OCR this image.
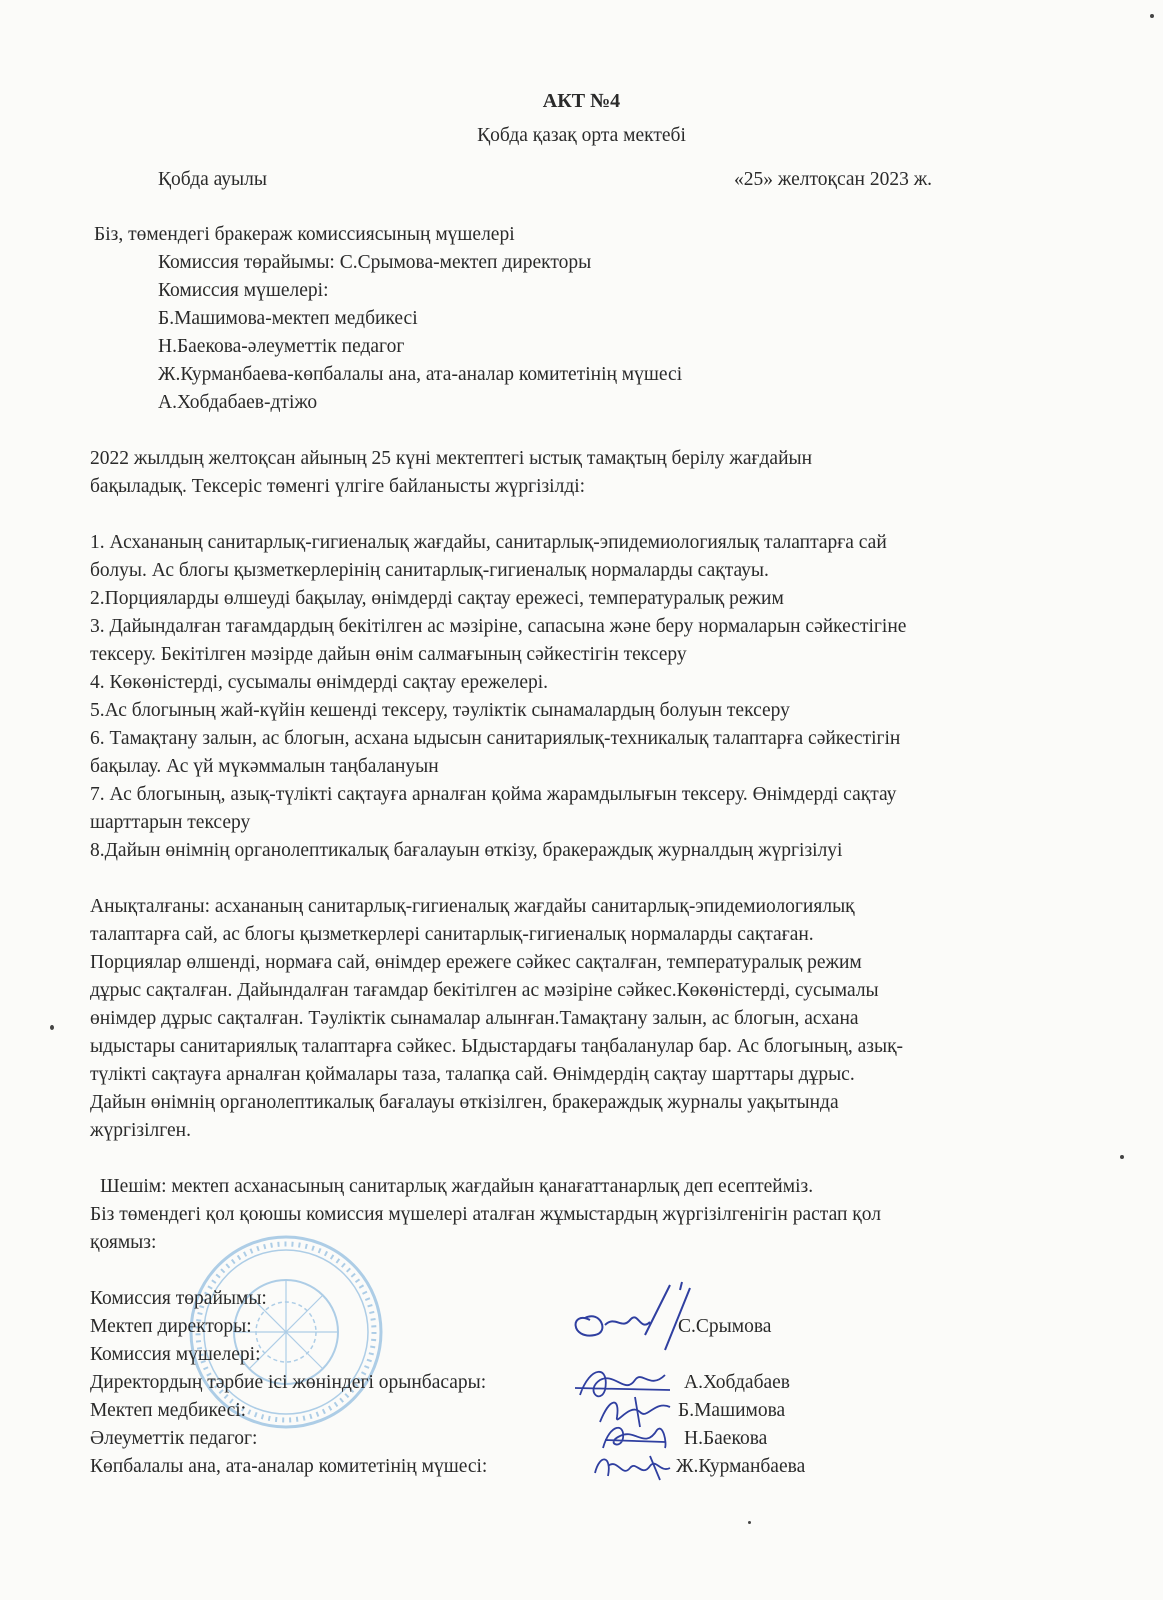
АКТ №4
Қобда қазақ орта мектебі
Қобда ауылы	«25» желтоқсан 2023 ж.
Біз, төмендегі бракераж комиссиясының мүшелері
Комиссия төрайымы: С.Срымова-мектеп директоры
Комиссия мүшелері:
Б.Машимова-мектеп медбикесі
Н.Баекова-әлеуметтік педагог
Ж.Курманбаева-көпбалалы ана, ата-аналар комитетінің мүшесі
А.Хобдабаев-дтіжо
2022 жылдың желтоқсан айының 25 күні мектептегі ыстық тамақтың берілу жағдайын
бақыладық. Тексеріс төменгі үлгіге байланысты жүргізілді:
1. Асхананың санитарлық-гигиеналық жағдайы, санитарлық-эпидемиологиялық талаптарға сай
болуы. Ас блогы қызметкерлерінің санитарлық-гигиеналық нормаларды сақтауы.
2.Порцияларды өлшеуді бақылау, өнімдерді сақтау ережесі, температуралық режим
3. Дайындалған тағамдардың бекітілген ас мәзіріне, сапасына және беру нормаларын сәйкестігіне
тексеру. Бекітілген мәзірде дайын өнім салмағының сәйкестігін тексеру
4. Көкөністерді, сусымалы өнімдерді сақтау ережелері.
5.Ас блогының жай-күйін кешенді тексеру, тәуліктік сынамалардың болуын тексеру
6. Тамақтану залын, ас блогын, асхана ыдысын санитариялық-техникалық талаптарға сәйкестігін
бақылау. Ас үй мүкәммалын таңбалануын
7. Ас блогының, азық-түлікті сақтауға арналған қойма жарамдылығын тексеру. Өнімдерді сақтау
шарттарын тексеру
8.Дайын өнімнің органолептикалық бағалауын өткізу, бракераждық журналдың жүргізілуі
Анықталғаны: асхананың санитарлық-гигиеналық жағдайы санитарлық-эпидемиологиялық
талаптарға сай, ас блогы қызметкерлері санитарлық-гигиеналық нормаларды сақтаған.
Порциялар өлшенді, нормаға сай, өнімдер ережеге сәйкес сақталған, температуралық режим
дұрыс сақталған. Дайындалған тағамдар бекітілген ас мәзіріне сәйкес.Көкөністерді, сусымалы
өнімдер дұрыс сақталған. Тәуліктік сынамалар алынған.Тамақтану залын, ас блогын, асхана
ыдыстары санитариялық талаптарға сәйкес. Ыдыстардағы таңбаланулар бар. Ас блогының, азық-
түлікті сақтауға арналған қоймалары таза, талапқа сай. Өнімдердің сақтау шарттары дұрыс.
Дайын өнімнің органолептикалық бағалауы өткізілген, бракераждық журналы уақытында
жүргізілген.
Шешім: мектеп асханасының санитарлық жағдайын қанағаттанарлық деп есептейміз.
Біз төмендегі қол қоюшы комиссия мүшелері аталған жұмыстардың жүргізілгенігін растап қол
қоямыз:
Комиссия төрайымы:
Мектеп директоры:	С.Срымова
Комиссия мүшелері:
Директордың тәрбие ісі жөніндегі орынбасары:	А.Хобдабаев
Мектеп медбикесі:	Б.Машимова
Әлеуметтік педагог:	Н.Баекова
Көпбалалы ана, ата-аналар комитетінің мүшесі:	Ж.Курманбаева
